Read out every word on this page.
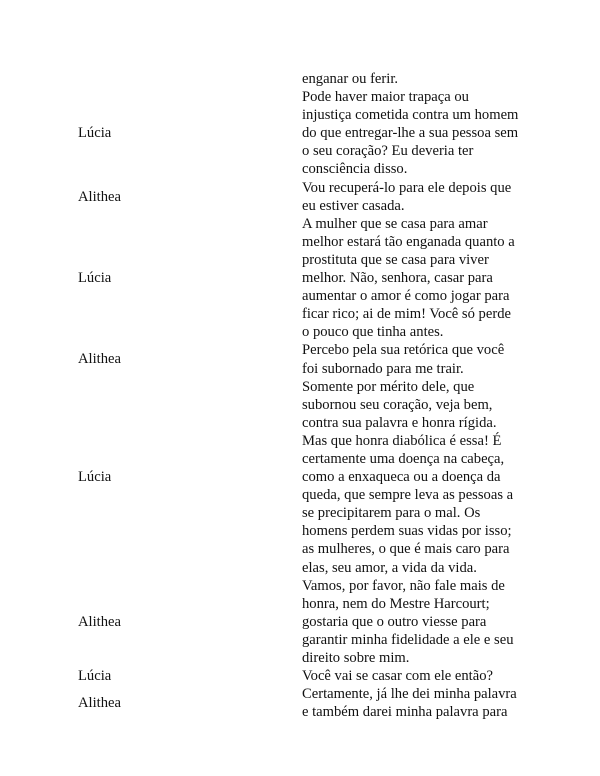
enganar ou ferir.
Lúcia
Pode haver maior trapaça ou
injustiça cometida contra um homem
do que entregar-lhe a sua pessoa sem
o seu coração? Eu deveria ter
consciência disso.
Alithea
Vou recuperá-lo para ele depois que
eu estiver casada.
Lúcia
A mulher que se casa para amar
melhor estará tão enganada quanto a
prostituta que se casa para viver
melhor. Não, senhora, casar para
aumentar o amor é como jogar para
ficar rico; ai de mim! Você só perde
o pouco que tinha antes.
Alithea
Percebo pela sua retórica que você
foi subornado para me trair.
Lúcia
Somente por mérito dele, que
subornou seu coração, veja bem,
contra sua palavra e honra rígida.
Mas que honra diabólica é essa! É
certamente uma doença na cabeça,
como a enxaqueca ou a doença da
queda, que sempre leva as pessoas a
se precipitarem para o mal. Os
homens perdem suas vidas por isso;
as mulheres, o que é mais caro para
elas, seu amor, a vida da vida.
Alithea
Vamos, por favor, não fale mais de
honra, nem do Mestre Harcourt;
gostaria que o outro viesse para
garantir minha fidelidade a ele e seu
direito sobre mim.
Lúcia	Você vai se casar com ele então?
Alithea
Certamente, já lhe dei minha palavra
e também darei minha palavra para
